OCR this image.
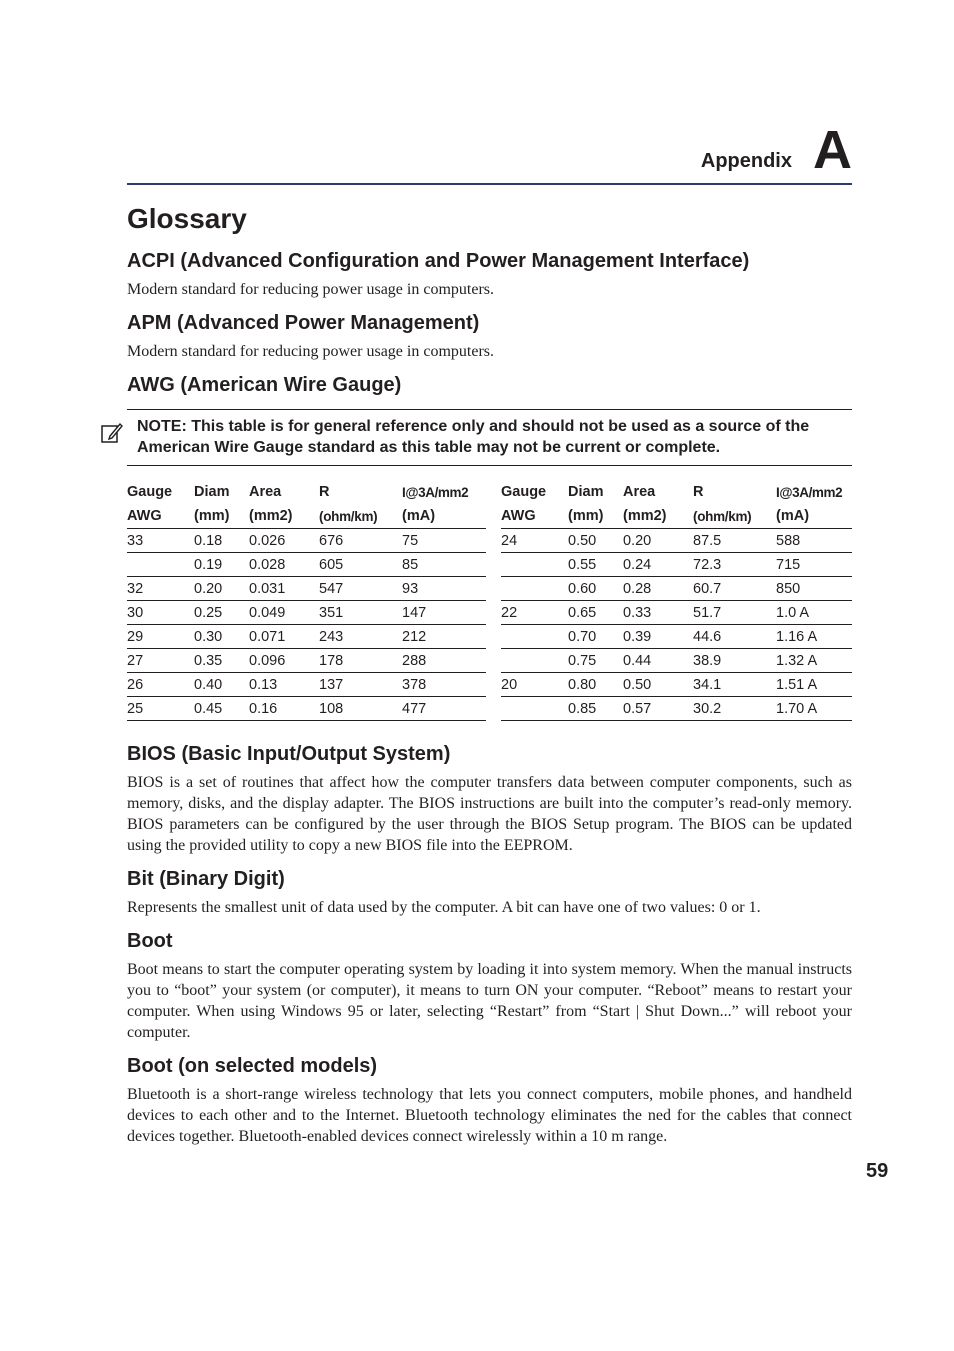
Appendix A
Glossary
ACPI (Advanced Configuration and Power Management Interface)

Modern standard for reducing power usage in computers.

APM (Advanced Power Management)

Modern standard for reducing power usage in computers.

AWG (American Wire Gauge)
NOTE: This table is for general reference only and should not be used as a source of the American Wire Gauge standard as this table may not be current or complete.
Gauge	Diam	Area	R	I@3A/mm2
AWG	(mm)	(mm2)	(ohm/km)	(mA)
33	0.18	0.026	676	75
	0.19	0.028	605	85
32	0.20	0.031	547	93
30	0.25	0.049	351	147
29	0.30	0.071	243	212
27	0.35	0.096	178	288
26	0.40	0.13	137	378
25	0.45	0.16	108	477
Gauge	Diam	Area	R	I@3A/mm2
AWG	(mm)	(mm2)	(ohm/km)	(mA)
24	0.50	0.20	87.5	588
	0.55	0.24	72.3	715
	0.60	0.28	60.7	850
22	0.65	0.33	51.7	1.0 A
	0.70	0.39	44.6	1.16 A
	0.75	0.44	38.9	1.32 A
20	0.80	0.50	34.1	1.51 A
	0.85	0.57	30.2	1.70 A
BIOS (Basic Input/Output System)

BIOS is a set of routines that affect how the computer transfers data between computer components, such as memory, disks, and the display adapter. The BIOS instructions are built into the computer’s read-only memory. BIOS parameters can be configured by the user through the BIOS Setup program. The BIOS can be updated using the provided utility to copy a new BIOS file into the EEPROM.

Bit (Binary Digit)

Represents the smallest unit of data used by the computer. A bit can have one of two values: 0 or 1.

Boot

Boot means to start the computer operating system by loading it into system memory. When the manual instructs you to “boot” your system (or computer), it means to turn ON your computer. “Reboot” means to restart your computer. When using Windows 95 or later, selecting “Restart” from “Start | Shut Down...” will reboot your computer.

Boot (on selected models)

Bluetooth is a short-range wireless technology that lets you connect computers, mobile phones, and handheld devices to each other and to the Internet. Bluetooth technology eliminates the ned for the cables that connect devices together. Bluetooth-enabled devices connect wirelessly within a 10 m range.

59
